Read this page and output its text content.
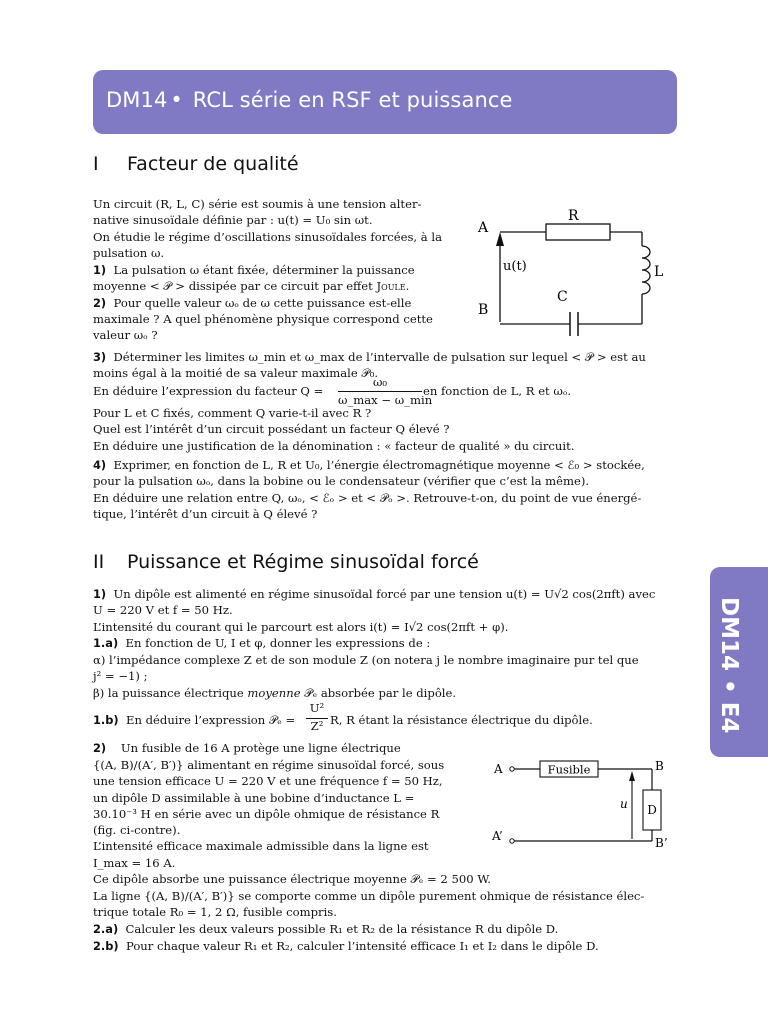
DM14 • RCL série en RSF et puissance
DM14 • E4
I Facteur de qualité
Un circuit (R, L, C) série est soumis à une tension alter-
native sinusoïdale définie par : u(t) = U₀ sin ωt.
On étudie le régime d’oscillations sinusoïdales forcées, à la
pulsation ω.
1) La pulsation ω étant fixée, déterminer la puissance
moyenne < 𝒫 > dissipée par ce circuit par effet Joule.
2) Pour quelle valeur ωₒ de ω cette puissance est-elle
maximale ? A quel phénomène physique correspond cette
valeur ωₒ ?
3) Déterminer les limites ω_min et ω_max de l’intervalle de pulsation sur lequel < 𝒫 > est au
moins égal à la moitié de sa valeur maximale 𝒫₀.
En déduire l’expression du facteur Q =
ω₀
ω_max − ω_min
en fonction de L, R et ωₒ.
Pour L et C fixés, comment Q varie-t-il avec R ?
Quel est l’intérêt d’un circuit possédant un facteur Q élevé ?
En déduire une justification de la dénomination : « facteur de qualité » du circuit.
4) Exprimer, en fonction de L, R et U₀, l’énergie électromagnétique moyenne < ℰ₀ > stockée,
pour la pulsation ωₒ, dans la bobine ou le condensateur (vérifier que c’est la même).
En déduire une relation entre Q, ωₒ, < ℰₒ > et < 𝒫ₒ >. Retrouve-t-on, du point de vue énergé-
tique, l’intérêt d’un circuit à Q élevé ?
A
B
R
L
C
u(t)
II Puissance et Régime sinusoïdal forcé
1) Un dipôle est alimenté en régime sinusoïdal forcé par une tension u(t) = U√2 cos(2πft) avec
U = 220 V et f = 50 Hz.
L’intensité du courant qui le parcourt est alors i(t) = I√2 cos(2πft + φ).
1.a) En fonction de U, I et φ, donner les expressions de :
α) l’impédance complexe Z et de son module Z (on notera j le nombre imaginaire pur tel que
j² = −1) ;
β) la puissance électrique moyenne 𝒫ₑ absorbée par le dipôle.
1.b) En déduire l’expression 𝒫ₑ =
U²
Z² R, R étant la résistance électrique du dipôle.
2) Un fusible de 16 A protège une ligne électrique
{(A, B)/(A′, B′)} alimentant en régime sinusoïdal forcé, sous
une tension efficace U = 220 V et une fréquence f = 50 Hz,
un dipôle D assimilable à une bobine d’inductance L =
30.10⁻³ H en série avec un dipôle ohmique de résistance R
(fig. ci-contre).
L’intensité efficace maximale admissible dans la ligne est
I_max = 16 A.
Ce dipôle absorbe une puissance électrique moyenne 𝒫ₑ = 2 500 W.
La ligne {(A, B)/(A′, B′)} se comporte comme un dipôle purement ohmique de résistance élec-
trique totale R₀ = 1, 2 Ω, fusible compris.
2.a) Calculer les deux valeurs possible R₁ et R₂ de la résistance R du dipôle D.
2.b) Pour chaque valeur R₁ et R₂, calculer l’intensité efficace I₁ et I₂ dans le dipôle D.
A
A’
B
B’
Fusible
D
u
